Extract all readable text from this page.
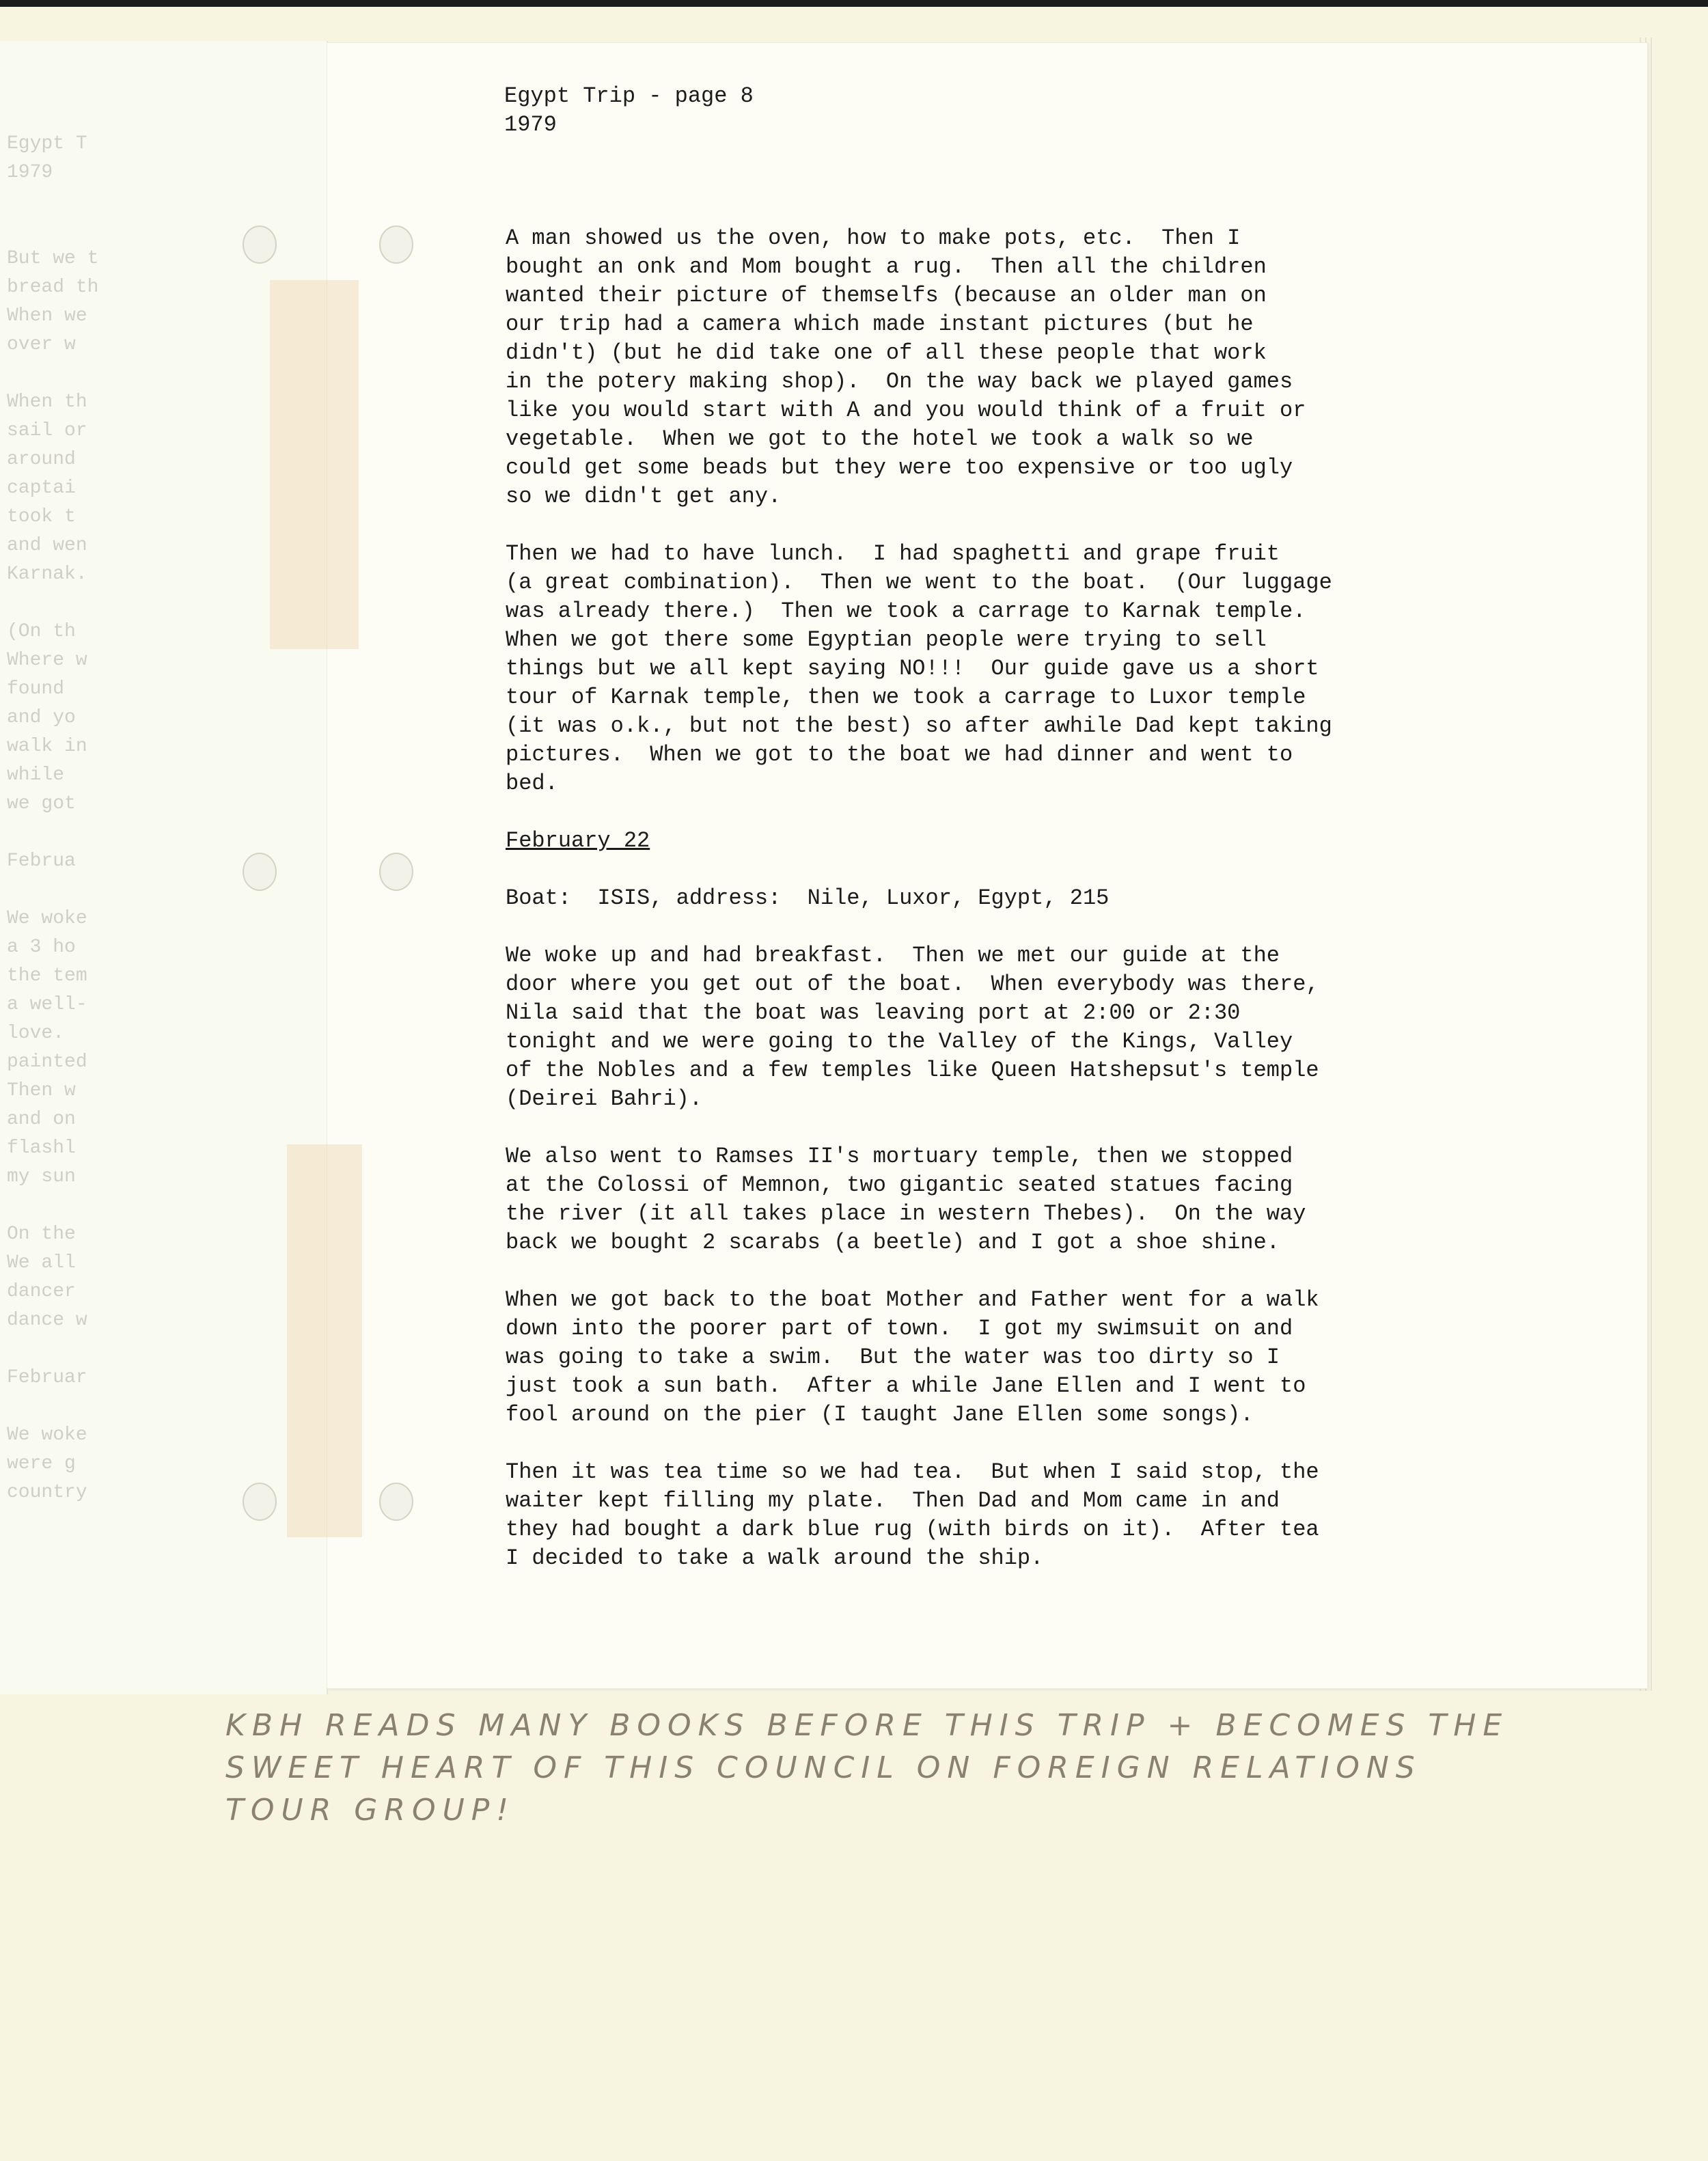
Egypt T
1979

But we t
bread th
When we
over w

When th
sail or
around
captai
took t
and wen
Karnak.

(On th
Where w
found
and yo
walk in
while
we got

Februa

We woke
a 3 ho
the tem
a well-
love.
painted
Then w
and on
flashl
my sun

On the
We all
dancer
dance w

Februar

We woke
were g
country
Egypt Trip - page 8
1979

A man showed us the oven, how to make pots, etc.  Then I
bought an onk and Mom bought a rug.  Then all the children
wanted their picture of themselfs (because an older man on
our trip had a camera which made instant pictures (but he
didn't) (but he did take one of all these people that work
in the potery making shop).  On the way back we played games
like you would start with A and you would think of a fruit or
vegetable.  When we got to the hotel we took a walk so we
could get some beads but they were too expensive or too ugly
so we didn't get any.

Then we had to have lunch.  I had spaghetti and grape fruit
(a great combination).  Then we went to the boat.  (Our luggage
was already there.)  Then we took a carrage to Karnak temple.
When we got there some Egyptian people were trying to sell
things but we all kept saying NO!!!  Our guide gave us a short
tour of Karnak temple, then we took a carrage to Luxor temple
(it was o.k., but not the best) so after awhile Dad kept taking
pictures.  When we got to the boat we had dinner and went to
bed.

February 22

Boat:  ISIS, address:  Nile, Luxor, Egypt, 215

We woke up and had breakfast.  Then we met our guide at the
door where you get out of the boat.  When everybody was there,
Nila said that the boat was leaving port at 2:00 or 2:30
tonight and we were going to the Valley of the Kings, Valley
of the Nobles and a few temples like Queen Hatshepsut's temple
(Deirei Bahri).

We also went to Ramses II's mortuary temple, then we stopped
at the Colossi of Memnon, two gigantic seated statues facing
the river (it all takes place in western Thebes).  On the way
back we bought 2 scarabs (a beetle) and I got a shoe shine.

When we got back to the boat Mother and Father went for a walk
down into the poorer part of town.  I got my swimsuit on and
was going to take a swim.  But the water was too dirty so I
just took a sun bath.  After a while Jane Ellen and I went to
fool around on the pier (I taught Jane Ellen some songs).

Then it was tea time so we had tea.  But when I said stop, the
waiter kept filling my plate.  Then Dad and Mom came in and
they had bought a dark blue rug (with birds on it).  After tea
I decided to take a walk around the ship.

KBH READS MANY BOOKS BEFORE THIS TRIP + BECOMES THE
SWEET HEART OF THIS COUNCIL ON FOREIGN RELATIONS
TOUR GROUP!
